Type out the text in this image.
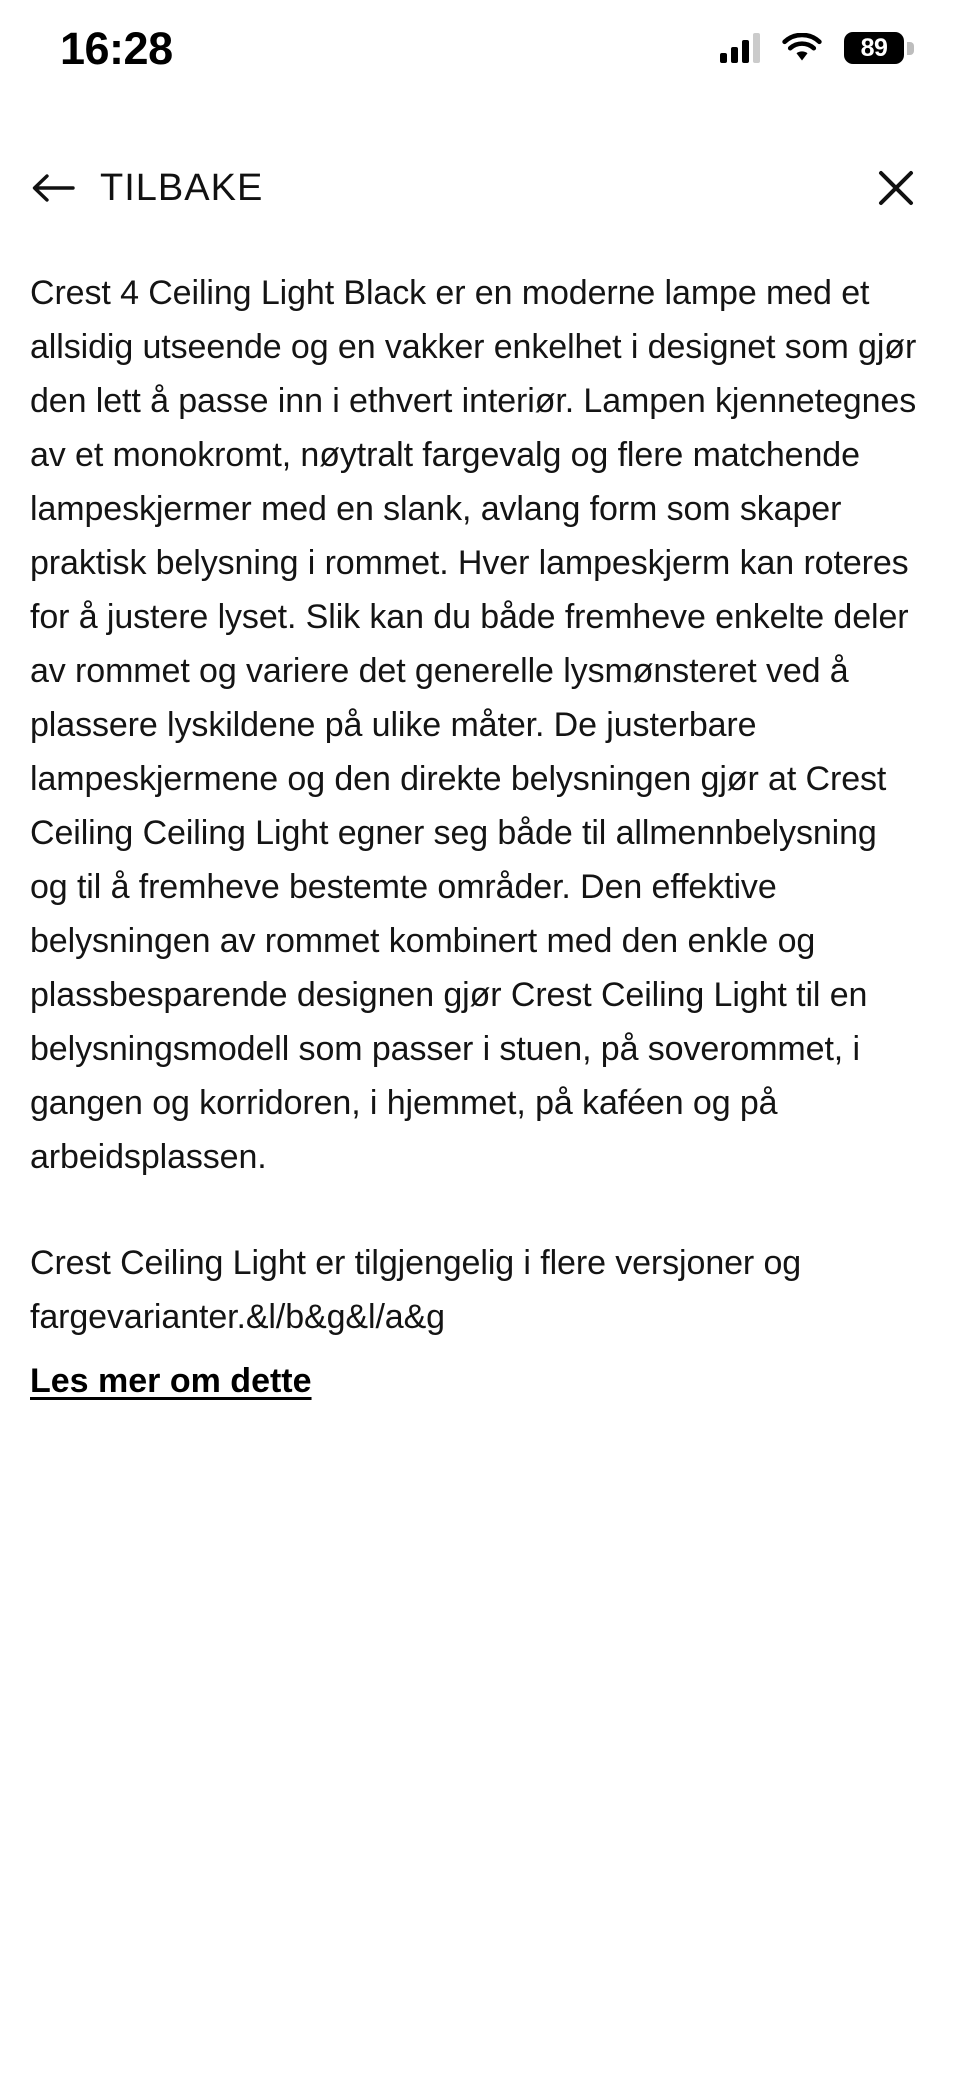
16:28	89
TILBAKE

Crest 4 Ceiling Light Black er en moderne lampe med et allsidig utseende og en vakker enkelhet i designet som gjør den lett å passe inn i ethvert interiør. Lampen kjennetegnes av et monokromt, nøytralt fargevalg og flere matchende lampeskjermer med en slank, avlang form som skaper praktisk belysning i rommet. Hver lampeskjerm kan roteres for å justere lyset. Slik kan du både fremheve enkelte deler av rommet og variere det generelle lysmønsteret ved å plassere lyskildene på ulike måter. De justerbare lampeskjermene og den direkte belysningen gjør at Crest Ceiling Ceiling Light egner seg både til allmennbelysning og til å fremheve bestemte områder. Den effektive belysningen av rommet kombinert med den enkle og plassbesparende designen gjør Crest Ceiling Light til en belysningsmodell som passer i stuen, på soverommet, i gangen og korridoren, i hjemmet, på kaféen og på arbeidsplassen.

Crest Ceiling Light er tilgjengelig i flere versjoner og fargevarianter.&l/b&g&l/a&g

Les mer om dette
